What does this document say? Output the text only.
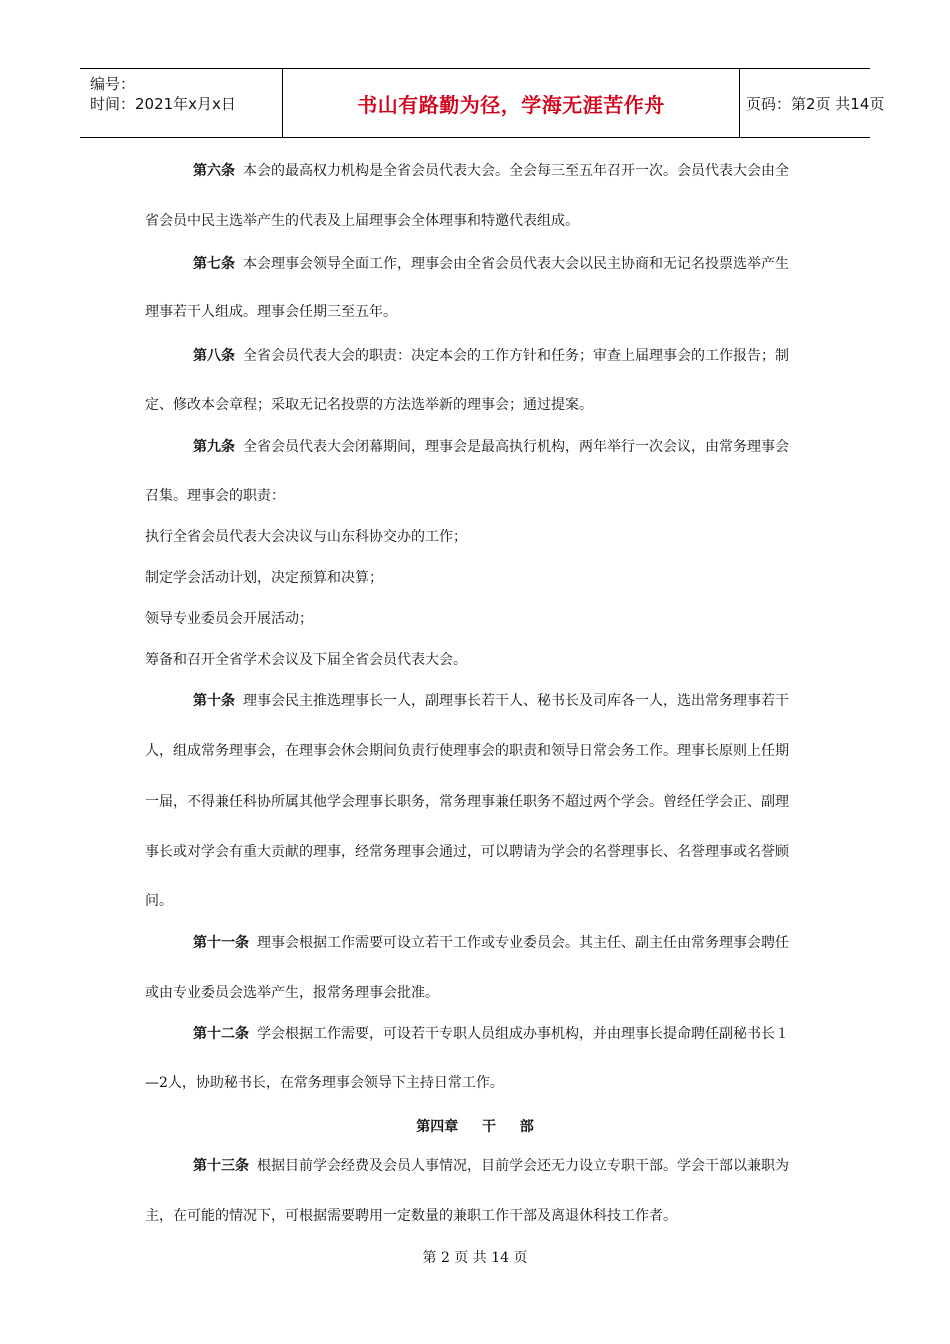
编号：
时间：2021年x月x日	书山有路勤为径，学海无涯苦作舟	页码：第2页 共14页
第六条 本会的最高权力机构是全省会员代表大会。全会每三至五年召开一次。会员代表大会由全
省会员中民主选举产生的代表及上届理事会全体理事和特邀代表组成。
第七条 本会理事会领导全面工作，理事会由全省会员代表大会以民主协商和无记名投票选举产生
理事若干人组成。理事会任期三至五年。
第八条 全省会员代表大会的职责：决定本会的工作方针和任务；审查上届理事会的工作报告；制
定、修改本会章程；采取无记名投票的方法选举新的理事会；通过提案。
第九条 全省会员代表大会闭幕期间，理事会是最高执行机构，两年举行一次会议，由常务理事会
召集。理事会的职责：
执行全省会员代表大会决议与山东科协交办的工作；
制定学会活动计划，决定预算和决算；
领导专业委员会开展活动；
筹备和召开全省学术会议及下届全省会员代表大会。
第十条 理事会民主推选理事长一人，副理事长若干人、秘书长及司库各一人，选出常务理事若干
人，组成常务理事会，在理事会休会期间负责行使理事会的职责和领导日常会务工作。理事长原则上任期
一届，不得兼任科协所属其他学会理事长职务，常务理事兼任职务不超过两个学会。曾经任学会正、副理
事长或对学会有重大贡献的理事，经常务理事会通过，可以聘请为学会的名誉理事长、名誉理事或名誉顾
问。
第十一条 理事会根据工作需要可设立若干工作或专业委员会。其主任、副主任由常务理事会聘任
或由专业委员会选举产生，报常务理事会批准。
第十二条 学会根据工作需要，可设若干专职人员组成办事机构，并由理事长提命聘任副秘书长１
—2人，协助秘书长，在常务理事会领导下主持日常工作。
第四章  　干　  部
第十三条 根据目前学会经费及会员人事情况，目前学会还无力设立专职干部。学会干部以兼职为
主，在可能的情况下，可根据需要聘用一定数量的兼职工作干部及离退休科技工作者。
第 2 页 共 14 页
